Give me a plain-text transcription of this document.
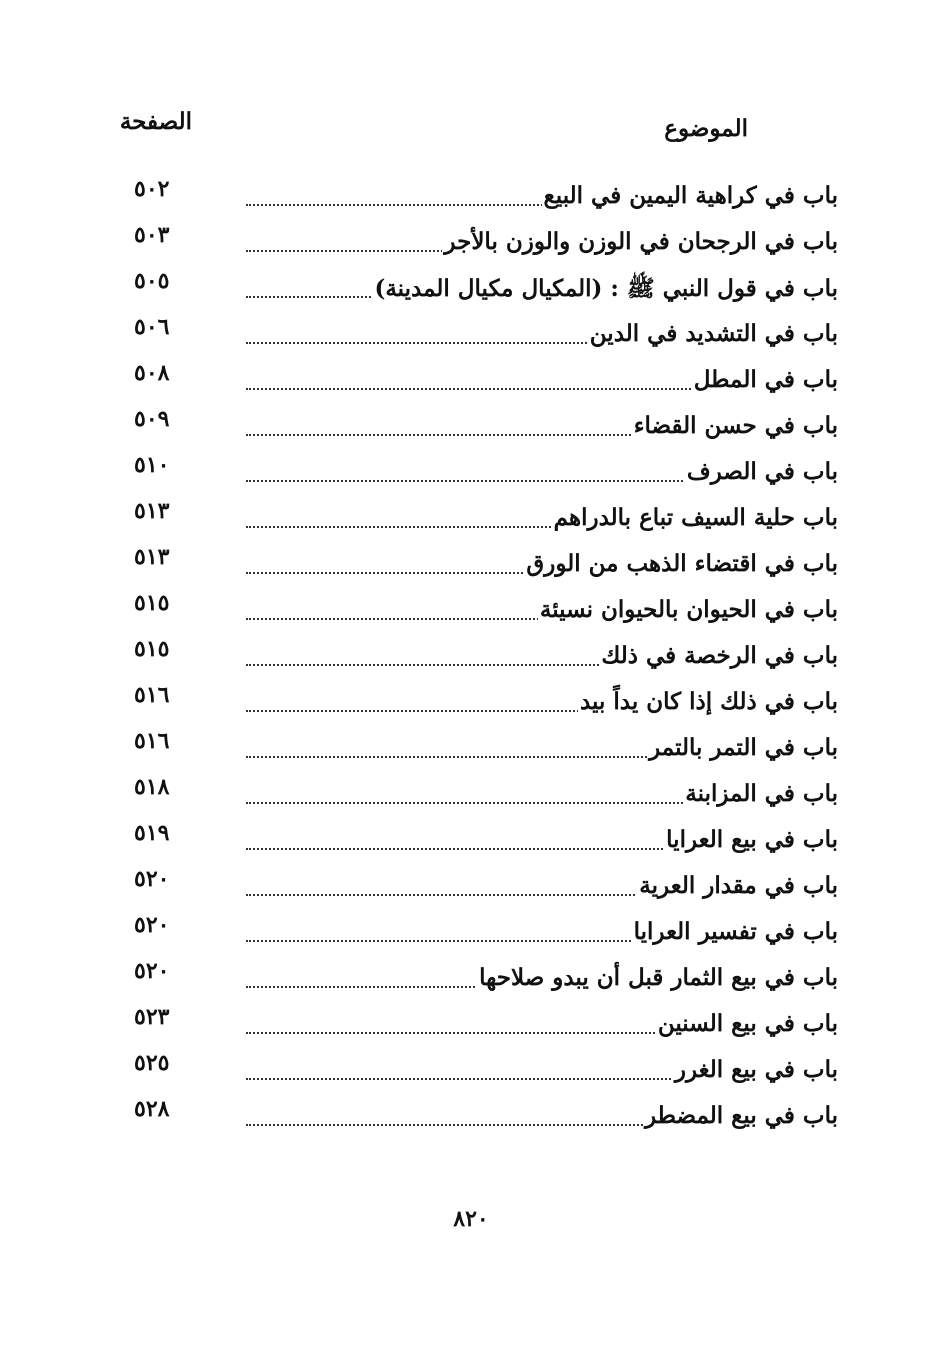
الموضوع
الصفحة
باب في كراهية اليمين في البيع
٥٠٢
باب في الرجحان في الوزن والوزن بالأجر
٥٠٣
باب في قول النبي ﷺ : (المكيال مكيال المدينة)
٥٠٥
باب في التشديد في الدين
٥٠٦
باب في المطل
٥٠٨
باب في حسن القضاء
٥٠٩
باب في الصرف
٥١٠
باب حلية السيف تباع بالدراهم
٥١٣
باب في اقتضاء الذهب من الورق
٥١٣
باب في الحيوان بالحيوان نسيئة
٥١٥
باب في الرخصة في ذلك
٥١٥
باب في ذلك إذا كان يداً بيد
٥١٦
باب في التمر بالتمر
٥١٦
باب في المزابنة
٥١٨
باب في بيع العرايا
٥١٩
باب في مقدار العرية
٥٢٠
باب في تفسير العرايا
٥٢٠
باب في بيع الثمار قبل أن يبدو صلاحها
٥٢٠
باب في بيع السنين
٥٢٣
باب في بيع الغرر
٥٢٥
باب في بيع المضطر
٥٢٨
٨٢٠
